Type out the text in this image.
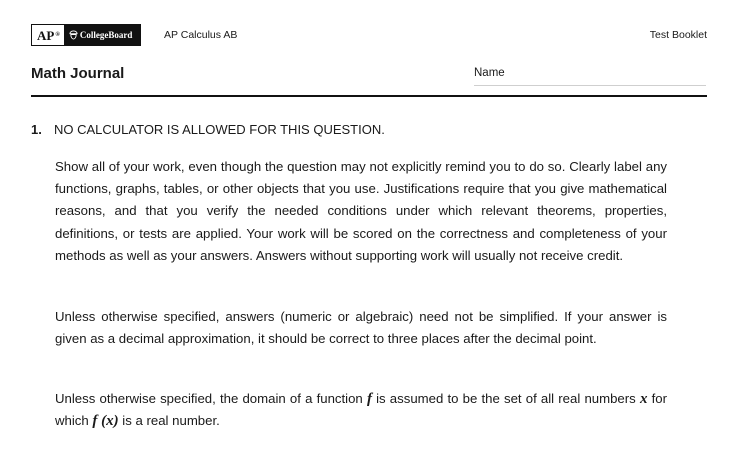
AP ® CollegeBoard	AP Calculus AB	Test Booklet
Math Journal	Name
1. NO CALCULATOR IS ALLOWED FOR THIS QUESTION.

Show all of your work, even though the question may not explicitly remind you to do so. Clearly label any functions, graphs, tables, or other objects that you use. Justifications require that you give mathematical reasons, and that you verify the needed conditions under which relevant theorems, properties, definitions, or tests are applied. Your work will be scored on the correctness and completeness of your methods as well as your answers. Answers without supporting work will usually not receive credit.

Unless otherwise specified, answers (numeric or algebraic) need not be simplified. If your answer is given as a decimal approximation, it should be correct to three places after the decimal point.

Unless otherwise specified, the domain of a function f is assumed to be the set of all real numbers x for which f (x) is a real number.
